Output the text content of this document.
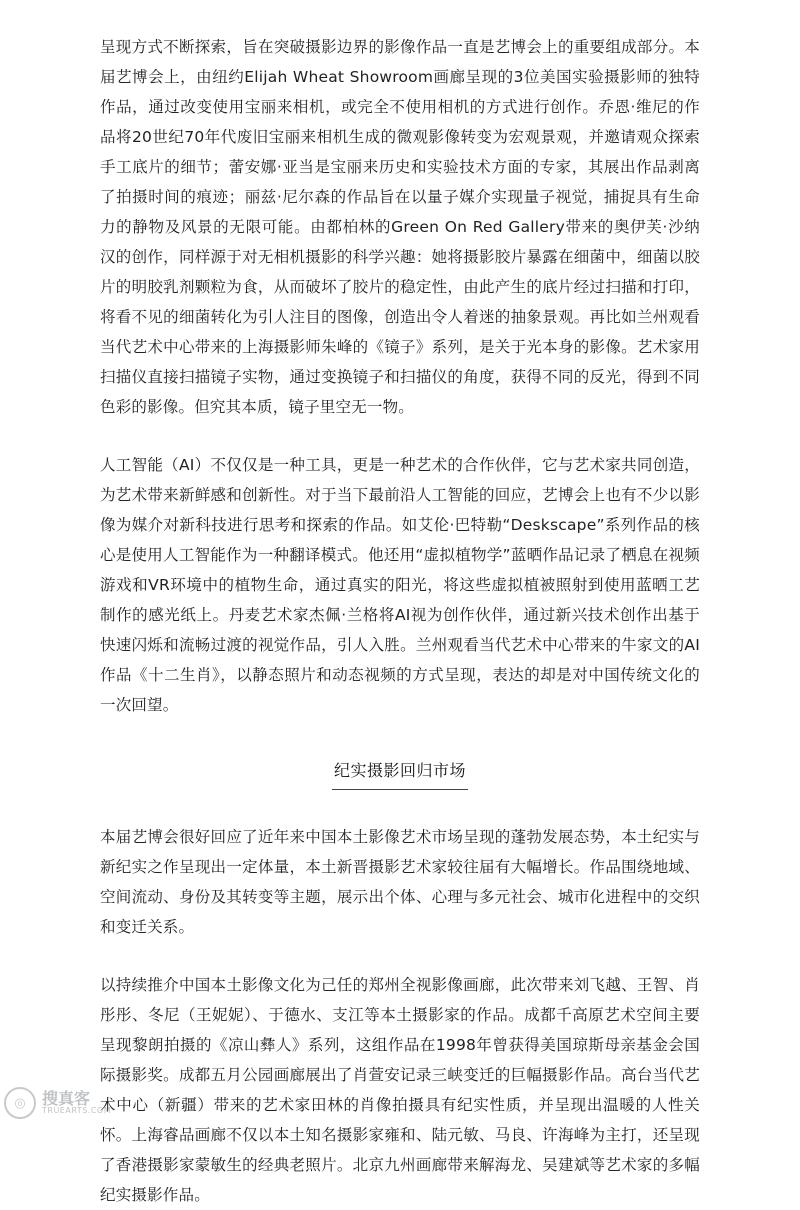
呈现方式不断探索，旨在突破摄影边界的影像作品一直是艺博会上的重要组成部分。本届艺博会上，由纽约Elijah Wheat Showroom画廊呈现的3位美国实验摄影师的独特作品，通过改变使用宝丽来相机，或完全不使用相机的方式进行创作。乔恩·维尼的作品将20世纪70年代废旧宝丽来相机生成的微观影像转变为宏观景观，并邀请观众探索手工底片的细节；蕾安娜·亚当是宝丽来历史和实验技术方面的专家，其展出作品剥离了拍摄时间的痕迹；丽兹·尼尔森的作品旨在以量子媒介实现量子视觉，捕捉具有生命力的静物及风景的无限可能。由都柏林的Green On Red Gallery带来的奥伊芙·沙纳汉的创作，同样源于对无相机摄影的科学兴趣：她将摄影胶片暴露在细菌中，细菌以胶片的明胶乳剂颗粒为食，从而破坏了胶片的稳定性，由此产生的底片经过扫描和打印，将看不见的细菌转化为引人注目的图像，创造出令人着迷的抽象景观。再比如兰州观看当代艺术中心带来的上海摄影师朱峰的《镜子》系列，是关于光本身的影像。艺术家用扫描仪直接扫描镜子实物，通过变换镜子和扫描仪的角度，获得不同的反光，得到不同色彩的影像。但究其本质，镜子里空无一物。

人工智能（AI）不仅仅是一种工具，更是一种艺术的合作伙伴，它与艺术家共同创造，为艺术带来新鲜感和创新性。对于当下最前沿人工智能的回应，艺博会上也有不少以影像为媒介对新科技进行思考和探索的作品。如艾伦·巴特勒“Deskscape”系列作品的核心是使用人工智能作为一种翻译模式。他还用“虚拟植物学”蓝晒作品记录了栖息在视频游戏和VR环境中的植物生命，通过真实的阳光，将这些虚拟植被照射到使用蓝晒工艺制作的感光纸上。丹麦艺术家杰佩·兰格将AI视为创作伙伴，通过新兴技术创作出基于快速闪烁和流畅过渡的视觉作品，引人入胜。兰州观看当代艺术中心带来的牛家文的AI作品《十二生肖》，以静态照片和动态视频的方式呈现，表达的却是对中国传统文化的一次回望。

纪实摄影回归市场

本届艺博会很好回应了近年来中国本土影像艺术市场呈现的蓬勃发展态势，本土纪实与新纪实之作呈现出一定体量，本土新晋摄影艺术家较往届有大幅增长。作品围绕地域、空间流动、身份及其转变等主题，展示出个体、心理与多元社会、城市化进程中的交织和变迁关系。

以持续推介中国本土影像文化为己任的郑州全视影像画廊，此次带来刘飞越、王智、肖彤彤、冬尼（王妮妮）、于德水、支江等本土摄影家的作品。成都千高原艺术空间主要呈现黎朗拍摄的《凉山彝人》系列，这组作品在1998年曾获得美国琼斯母亲基金会国际摄影奖。成都五月公园画廊展出了肖萱安记录三峡变迁的巨幅摄影作品。高台当代艺术中心（新疆）带来的艺术家田林的肖像拍摄具有纪实性质，并呈现出温暖的人性关怀。上海睿品画廊不仅以本土知名摄影家雍和、陆元敏、马良、许海峰为主打，还呈现了香港摄影家蒙敏生的经典老照片。北京九州画廊带来解海龙、吴建斌等艺术家的多幅纪实摄影作品。

◎	搜真客
TRUEARTS.COM
